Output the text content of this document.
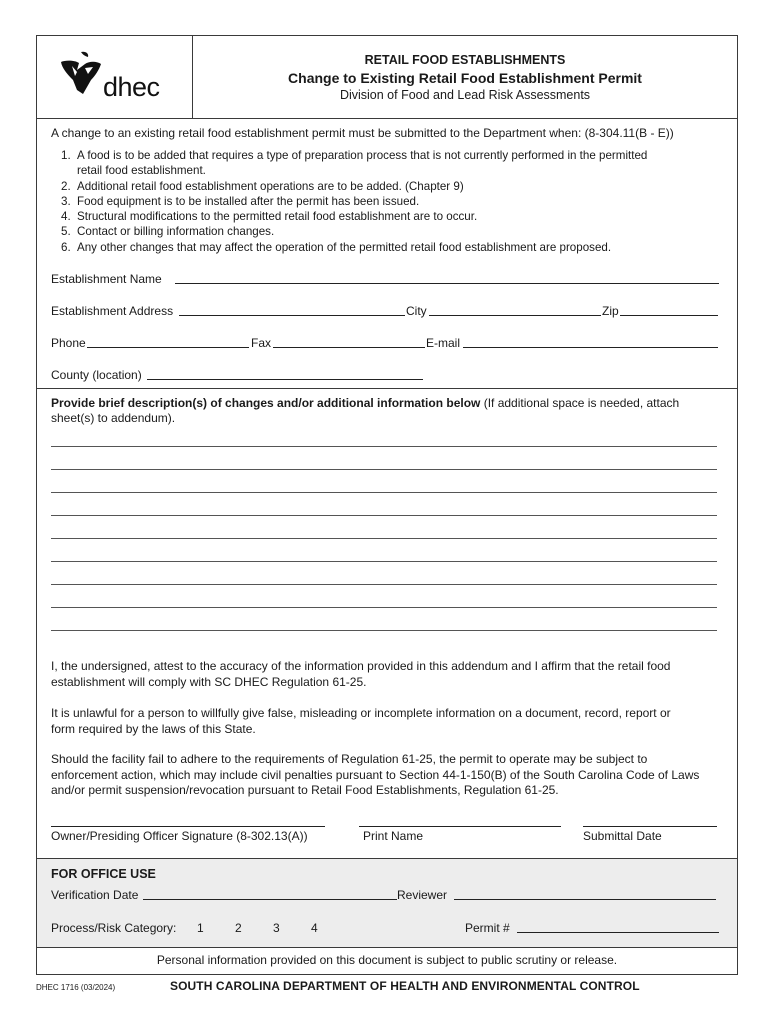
dhec
RETAIL FOOD ESTABLISHMENTS
Change to Existing Retail Food Establishment Permit
Division of Food and Lead Risk Assessments
A change to an existing retail food establishment permit must be submitted to the Department when: (8-304.11(B - E))
1. A food is to be added that requires a type of preparation process that is not currently performed in the permitted
retail food establishment.
2. Additional retail food establishment operations are to be added. (Chapter 9)
3. Food equipment is to be installed after the permit has been issued.
4. Structural modifications to the permitted retail food establishment are to occur.
5. Contact or billing information changes.
6. Any other changes that may affect the operation of the permitted retail food establishment are proposed.
Establishment Name
Establishment Address	City	Zip
Phone	Fax	E-mail
County (location)
Provide brief description(s) of changes and/or additional information below (If additional space is needed, attach
sheet(s) to addendum).
I, the undersigned, attest to the accuracy of the information provided in this addendum and I affirm that the retail food
establishment will comply with SC DHEC Regulation 61-25.
It is unlawful for a person to willfully give false, misleading or incomplete information on a document, record, report or
form required by the laws of this State.
Should the facility fail to adhere to the requirements of Regulation 61-25, the permit to operate may be subject to
enforcement action, which may include civil penalties pursuant to Section 44-1-150(B) of the South Carolina Code of Laws
and/or permit suspension/revocation pursuant to Retail Food Establishments, Regulation 61-25.
Owner/Presiding Officer Signature (8-302.13(A))	Print Name	Submittal Date
FOR OFFICE USE
Verification Date	Reviewer
Process/Risk Category: 1	2	3	4	Permit #
Personal information provided on this document is subject to public scrutiny or release.
DHEC 1716 (03/2024)	SOUTH CAROLINA DEPARTMENT OF HEALTH AND ENVIRONMENTAL CONTROL
